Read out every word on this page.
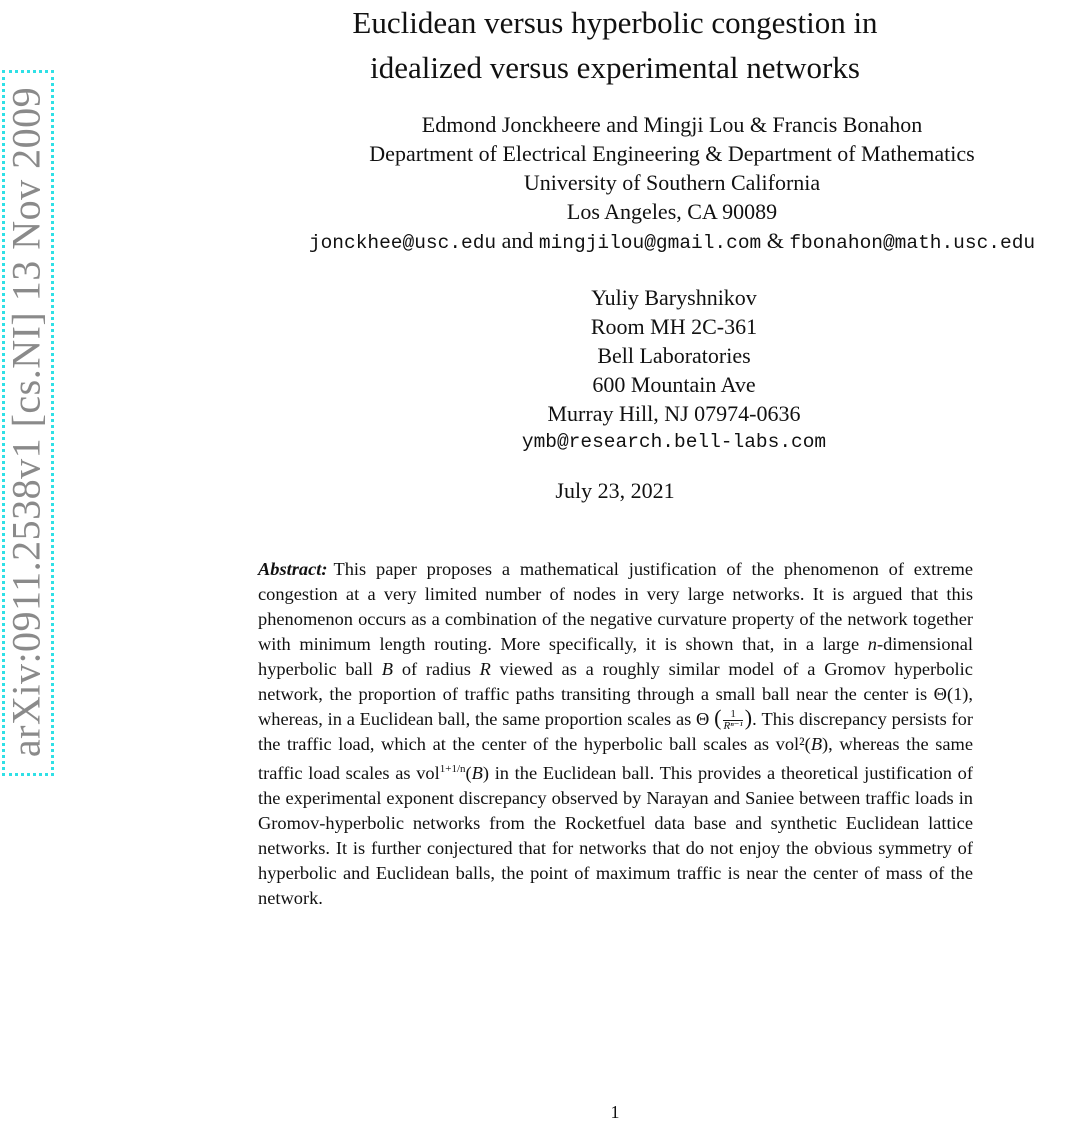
arXiv:0911.2538v1 [cs.NI] 13 Nov 2009
Euclidean versus hyperbolic congestion in
idealized versus experimental networks
Edmond Jonckheere and Mingji Lou & Francis Bonahon
Department of Electrical Engineering & Department of Mathematics
University of Southern California
Los Angeles, CA 90089
jonckhee@usc.edu and mingjilou@gmail.com & fbonahon@math.usc.edu
Yuliy Baryshnikov
Room MH 2C-361
Bell Laboratories
600 Mountain Ave
Murray Hill, NJ 07974-0636
ymb@research.bell-labs.com
July 23, 2021

Abstract: This paper proposes a mathematical justification of the phenomenon of extreme congestion at a very limited number of nodes in very large networks. It is argued that this phenomenon occurs as a combination of the negative curvature property of the network together with minimum length routing. More specifically, it is shown that, in a large n-dimensional hyperbolic ball B of radius R viewed as a roughly similar model of a Gromov hyperbolic network, the proportion of traffic paths transiting through a small ball near the center is Θ(1), whereas, in a Euclidean ball, the same proportion scales as Θ ( $\frac{1}{\text{Rⁿ⁻¹}}$ ). This discrepancy persists for the traffic load, which at the center of the hyperbolic ball scales as vol²(B), whereas the same traffic load scales as vol$^{1+1/n}$(B) in the Euclidean ball. This provides a theoretical justification of the experimental exponent discrepancy observed by Narayan and Saniee between traffic loads in Gromov-hyperbolic networks from the Rocketfuel data base and synthetic Euclidean lattice networks. It is further conjectured that for networks that do not enjoy the obvious symmetry of hyperbolic and Euclidean balls, the point of maximum traffic is near the center of mass of the network.

1
